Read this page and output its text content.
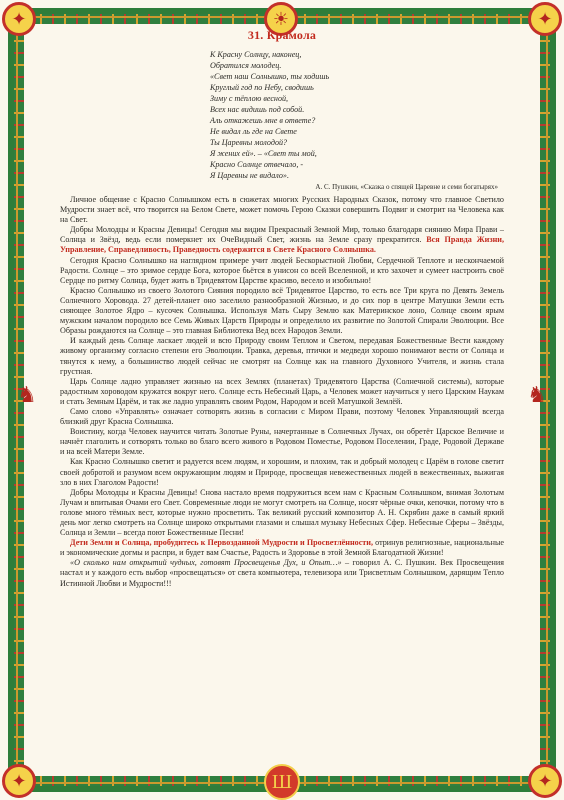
☀
✦	✦
✦	✦
♞	♞
31. Крамола
К Красну Солнцу, наконец,
Обратился молодец.
«Свет наш Солнышко, ты ходишь
Круглый год по Небу, сводишь
Зиму с тёплою весной,
Всех нас видишь под собой.
Аль откажешь мне в ответе?
Не видал ль где на Свете
Ты Царевны молодой?
Я жених ей». – «Свет ты мой,
Красно Солнце отвечало, -
Я Царевны не видало».
А. С. Пушкин, «Сказка о спящей Царевне и семи богатырях»

Личное общение с Красно Солнышком есть в сюжетах многих Русских Народных Сказок, потому что главное Светило Мудрости знает всё, что творится на Белом Свете, может помочь Герою Сказки совершить Подвиг и смотрит на Человека как на Свет.

Добры Молодцы и Красны Девицы! Сегодня мы видим Прекрасный Земной Мир, только благодаря сиянию Мира Прави – Солнца и Звёзд, ведь если померкнет их ОчеВидный Свет, жизнь на Земле сразу прекратится. Вся Правда Жизни, Управление, Справедливость, Праведность содержится в Свете Красного Солнышка.

Сегодня Красно Солнышко на наглядном примере учит людей Бескорыстной Любви, Сердечной Теплоте и нескончаемой Радости. Солнце – это зримое сердце Бога, которое бьётся в унисон со всей Вселенной, и кто захочет и сумеет настроить своё Сердце по ритму Солнца, будет жить в Тридевятом Царстве красиво, весело и изобильно!

Красно Солнышко из своего Золотого Сияния породило всё Тридевятое Царство, то есть все Три круга по Девять Земель Солнечного Хоровода. 27 детей-планет оно заселило разнообразной Жизнью, и до сих пор в центре Матушки Земли есть сияющее Золотое Ядро – кусочек Солнышка. Используя Мать Сыру Землю как Материнское лоно, Солнце своим ярым мужским началом породило все Семь Живых Царств Природы и определило их развитие по Золотой Спирали Эволюции. Все Образы рождаются на Солнце – это главная Библиотека Вед всех Народов Земли.

И каждый день Солнце ласкает людей и всю Природу своим Теплом и Светом, передавая Божественные Вести каждому живому организму согласно степени его Эволюции. Травка, деревья, птички и медведи хорошо понимают вести от Солнца и тянутся к нему, а большинство людей сейчас не смотрят на Солнце как на главного Духовного Учителя, и жизнь стала грустная.

Царь Солнце ладно управляет жизнью на всех Землях (планетах) Тридевятого Царства (Солнечной системы), которые радостным хороводом кружатся вокруг него. Солнце есть Небесный Царь, а Человек может научиться у него Царским Наукам и стать Земным Царём, и так же ладно управлять своим Родом, Народом и всей Матушкой Землёй.

Само слово «Управлять» означает сотворять жизнь в согласии с Миром Прави, поэтому Человек Управляющий всегда близкий друг Красна Солнышка.

Воистину, когда Человек научится читать Золотые Руны, начертанные в Солнечных Лучах, он обретёт Царское Величие и начнёт глаголить и сотворять только во благо всего живого в Родовом Поместье, Родовом Поселении, Граде, Родовой Державе и на всей Матери Земле.

Как Красно Солнышко светит и радуется всем людям, и хорошим, и плохим, так и добрый молодец с Царём в голове светит своей добротой и разумом всем окружающим людям и Природе, просвещая невежественных людей в вежественных, выжигая зло в них Глаголом Радости!

Добры Молодцы и Красны Девицы! Снова настало время подружиться всем нам с Красным Солнышком, внимая Золотым Лучам и впитывая Очами его Свет. Современные люди не могут смотреть на Солнце, носят чёрные очки, кепочки, потому что в голове много тёмных вест, которые нужно просветить. Так великий русский композитор А. Н. Скрябин даже в самый яркий день мог легко смотреть на Солнце широко открытыми глазами и слышал музыку Небесных Сфер. Небесные Сферы – Звёзды, Солнца и Земли – всегда поют Божественные Песни!

Дети Земли и Солнца, пробудитесь к Первозданной Мудрости и Просветлённости, отринув религиозные, национальные и экономические догмы и распри, и будет вам Счастье, Радость и Здоровье в этой Земной Благодатной Жизни!

«О сколько нам открытий чудных, готовят Просвещенья Дух, и Опыт…» – говорил А. С. Пушкин. Век Просвещения настал и у каждого есть выбор «просвещаться» от света компьютера, телевизора или Трисветлым Солнышком, дарящим Тепло Истинной Любви и Мудрости!!!

Ш
